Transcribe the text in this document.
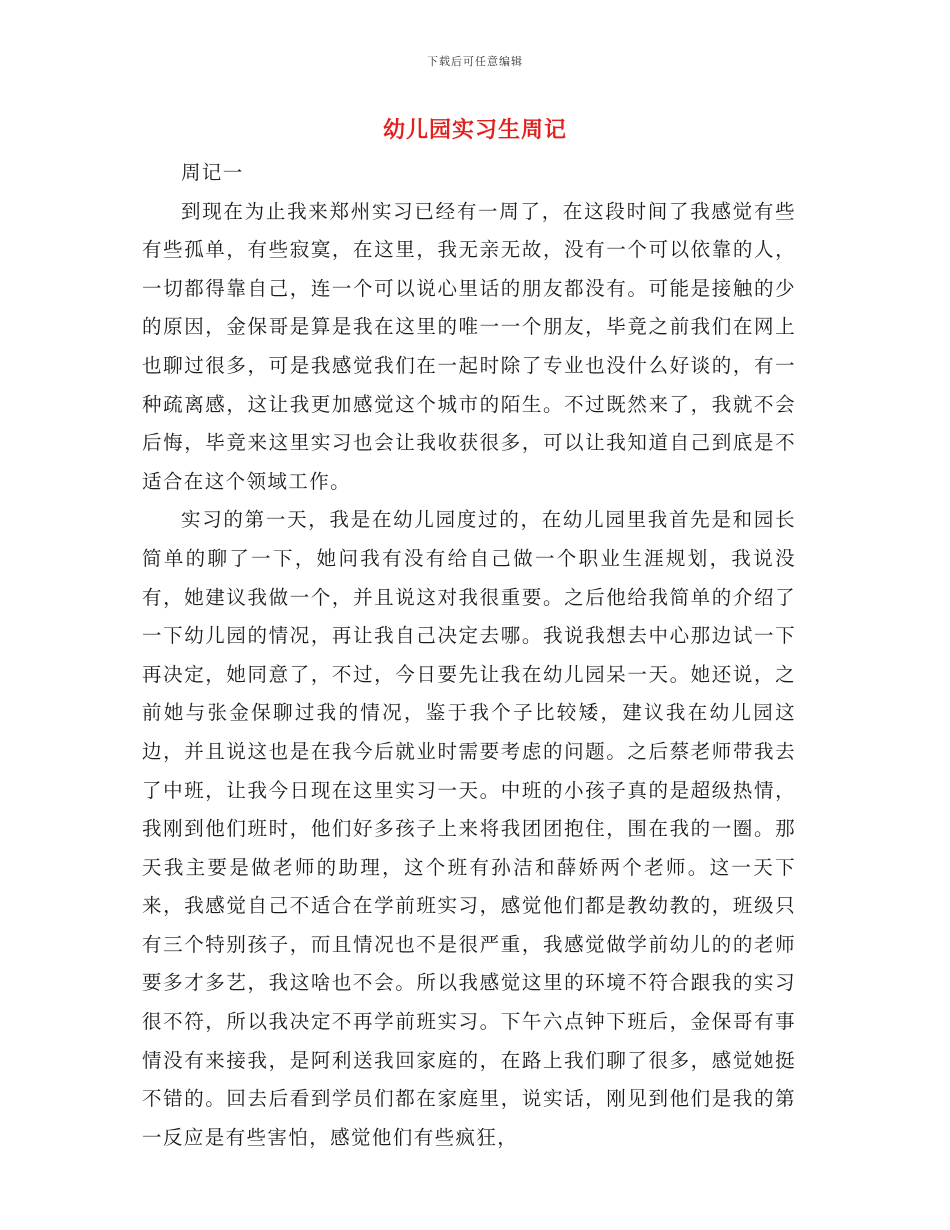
下载后可任意编辑
幼儿园实习生周记

周记一

到现在为止我来郑州实习已经有一周了，在这段时间了我感觉有些有些孤单，有些寂寞，在这里，我无亲无故，没有一个可以依靠的人，一切都得靠自己，连一个可以说心里话的朋友都没有。可能是接触的少的原因，金保哥是算是我在这里的唯一一个朋友，毕竟之前我们在网上也聊过很多，可是我感觉我们在一起时除了专业也没什么好谈的，有一种疏离感，这让我更加感觉这个城市的陌生。不过既然来了，我就不会后悔，毕竟来这里实习也会让我收获很多，可以让我知道自己到底是不适合在这个领域工作。

实习的第一天，我是在幼儿园度过的，在幼儿园里我首先是和园长简单的聊了一下，她问我有没有给自己做一个职业生涯规划，我说没有，她建议我做一个，并且说这对我很重要。之后他给我简单的介绍了一下幼儿园的情况，再让我自己决定去哪。我说我想去中心那边试一下再决定，她同意了，不过，今日要先让我在幼儿园呆一天。她还说，之前她与张金保聊过我的情况，鉴于我个子比较矮，建议我在幼儿园这边，并且说这也是在我今后就业时需要考虑的问题。之后蔡老师带我去了中班，让我今日现在这里实习一天。中班的小孩子真的是超级热情，我刚到他们班时，他们好多孩子上来将我团团抱住，围在我的一圈。那天我主要是做老师的助理，这个班有孙洁和薛娇两个老师。这一天下来，我感觉自己不适合在学前班实习，感觉他们都是教幼教的，班级只有三个特别孩子，而且情况也不是很严重，我感觉做学前幼儿的的老师要多才多艺，我这啥也不会。所以我感觉这里的环境不符合跟我的实习很不符，所以我决定不再学前班实习。下午六点钟下班后，金保哥有事情没有来接我，是阿利送我回家庭的，在路上我们聊了很多，感觉她挺不错的。回去后看到学员们都在家庭里，说实话，刚见到他们是我的第一反应是有些害怕，感觉他们有些疯狂，
